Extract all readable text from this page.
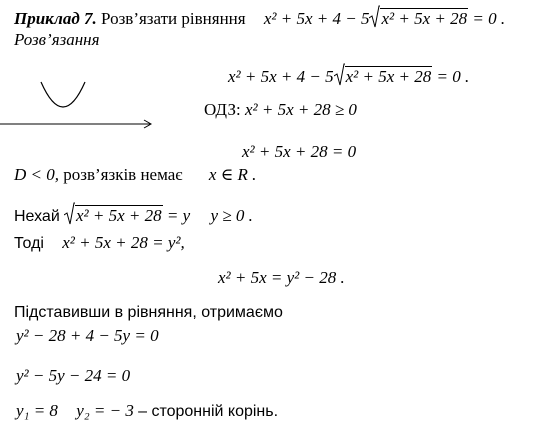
Приклад 7. Розв’язати рівняння x² + 5x + 4 − 5 x² + 5x + 28 = 0 .
Розв’язання
x² + 5x + 4 − 5 x² + 5x + 28 = 0 .
ОДЗ: x² + 5x + 28 ≥ 0
x² + 5x + 28 = 0
D < 0, розв’язків немає x ∈ R .
Нехай x² + 5x + 28 = y y ≥ 0 .
Тоді x² + 5x + 28 = y²,
x² + 5x = y² − 28 .
Підставивши в рівняння, отримаємо
y² − 28 + 4 − 5y = 0
y² − 5y − 24 = 0
y₁ = 8 y₂ = − 3 – сторонній корінь.
